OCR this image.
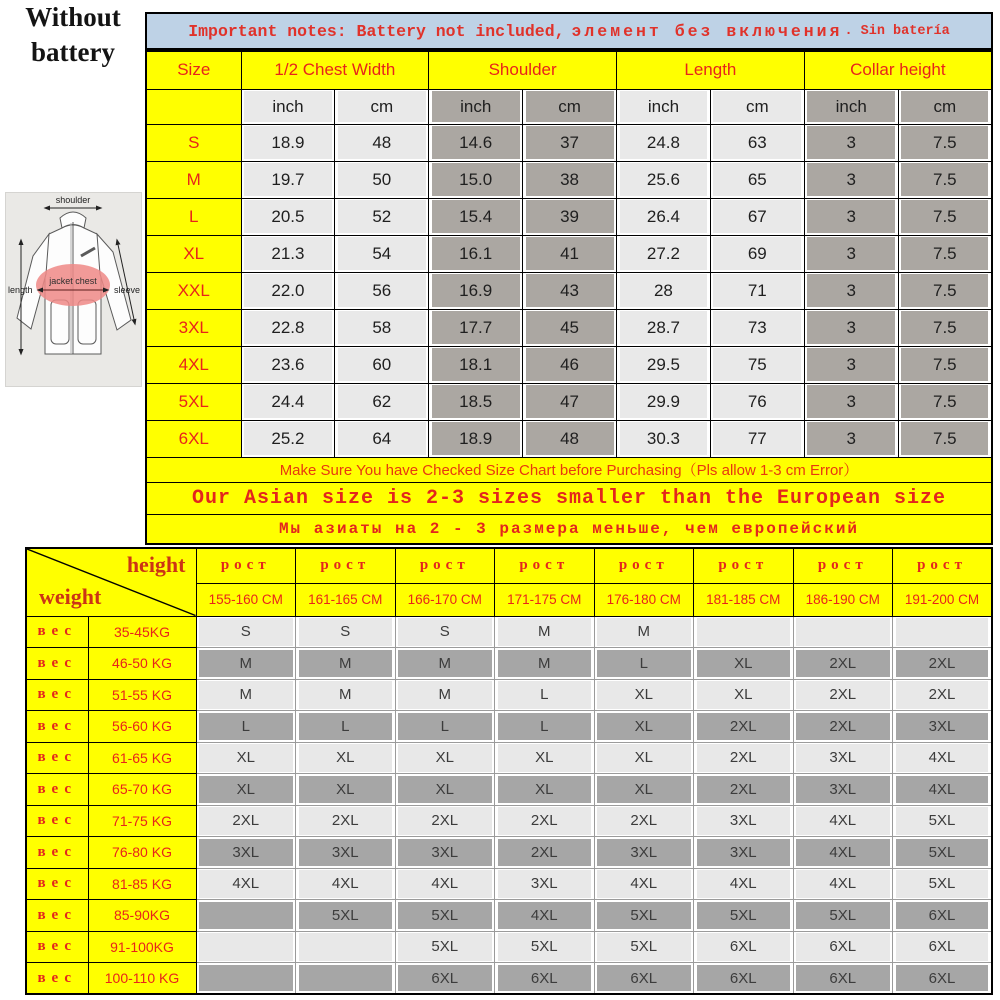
Without
battery
jacket chest
shoulder
length	sleeve
Important notes: Battery not included, элемент без включения . Sin batería
Size	1/2 Chest Width		Shoulder		Length		Collar height	
	inch	cm	inch	cm	inch	cm	inch	cm
S	18.9	48	14.6	37	24.8	63	3	7.5
M	19.7	50	15.0	38	25.6	65	3	7.5
L	20.5	52	15.4	39	26.4	67	3	7.5
XL	21.3	54	16.1	41	27.2	69	3	7.5
XXL	22.0	56	16.9	43	28	71	3	7.5
3XL	22.8	58	17.7	45	28.7	73	3	7.5
4XL	23.6	60	18.1	46	29.5	75	3	7.5
5XL	24.4	62	18.5	47	29.9	76	3	7.5
6XL	25.2	64	18.9	48	30.3	77	3	7.5
Make Sure You have Checked Size Chart before Purchasing（Pls allow 1-3 cm Error）								
Our Asian size is 2-3 sizes smaller than the European size								
Мы азиаты на 2 - 3 размера меньше, чем европейский								
height
weight		рост	рост	рост	рост	рост	рост	рост	рост
		155-160 CM	161-165 CM	166-170 CM	171-175 CM	176-180 CM	181-185 CM	186-190 CM	191-200 CM
вес	35-45KG	S	S	S	M	M			
вес	46-50 KG	M	M	M	M	L	XL	2XL	2XL
вес	51-55 KG	M	M	M	L	XL	XL	2XL	2XL
вес	56-60 KG	L	L	L	L	XL	2XL	2XL	3XL
вес	61-65 KG	XL	XL	XL	XL	XL	2XL	3XL	4XL
вес	65-70 KG	XL	XL	XL	XL	XL	2XL	3XL	4XL
вес	71-75 KG	2XL	2XL	2XL	2XL	2XL	3XL	4XL	5XL
вес	76-80 KG	3XL	3XL	3XL	2XL	3XL	3XL	4XL	5XL
вес	81-85 KG	4XL	4XL	4XL	3XL	4XL	4XL	4XL	5XL
вес	85-90KG		5XL	5XL	4XL	5XL	5XL	5XL	6XL
вес	91-100KG			5XL	5XL	5XL	6XL	6XL	6XL
вес	100-110 KG			6XL	6XL	6XL	6XL	6XL	6XL
